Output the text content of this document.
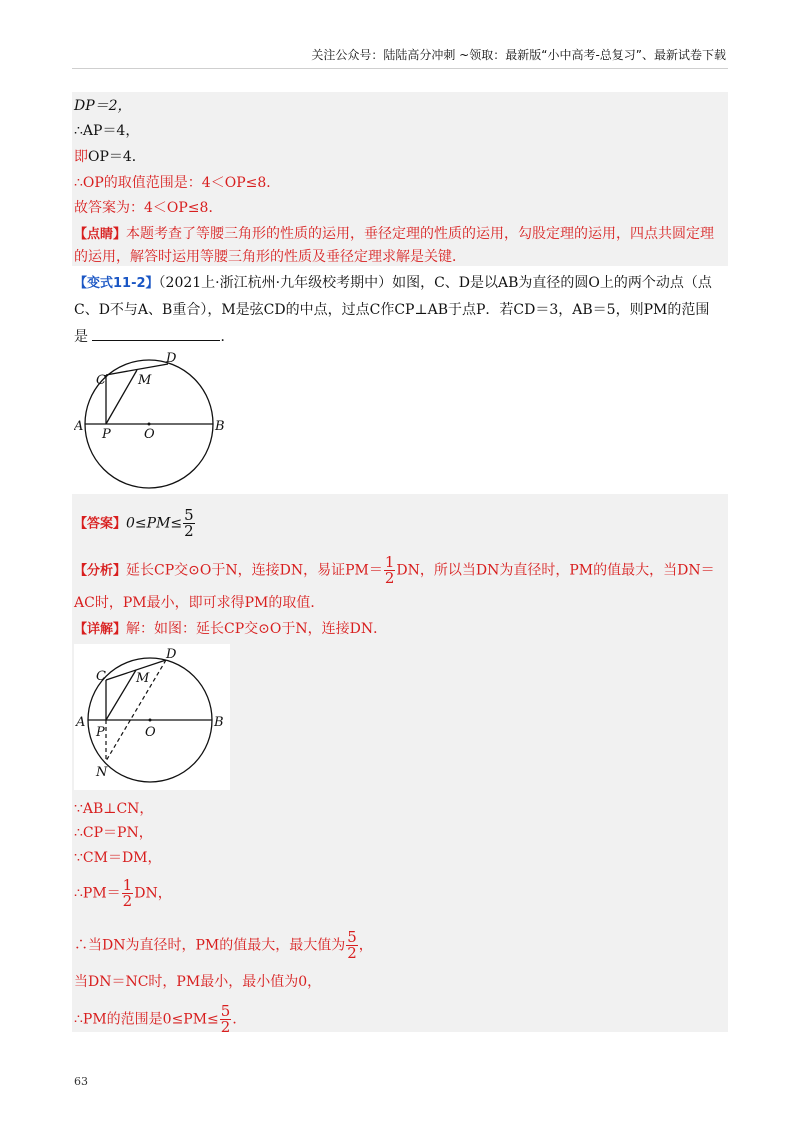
关注公众号：陆陆高分冲刺 ~领取：最新版“小中高考-总复习”、最新试卷下载
DP＝2，
∴AP＝4，
即OP＝4．
∴OP的取值范围是：4＜OP≤8．
故答案为：4＜OP≤8．
【点睛】本题考查了等腰三角形的性质的运用，垂径定理的性质的运用，勾股定理的运用，四点共圆定理
的运用，解答时运用等腰三角形的性质及垂径定理求解是关键．
【变式11-2】（2021上·浙江杭州·九年级校考期中）如图，C、D是以AB为直径的圆O上的两个动点（点
C、D不与A、B重合），M是弦CD的中点，过点C作CP⊥AB于点P．若CD＝3，AB＝5，则PM的范围
是	．
A	B
C
D
M
P	O
【答案】$0\le PM\le \frac{5}{2}$
【分析】延长CP交⊙O于N，连接DN，易证$PM= \frac{1}{2}$ DN，所以当DN为直径时，PM的值最大，当DN＝
AC时，PM最小，即可求得PM的取值．
【详解】解：如图：延长CP交⊙O于N，连接DN．
A	B
C
D
M
P	O
N
∵AB⊥CN，
∴CP＝PN，
∵CM＝DM，
∴PM＝ $\frac{1}{2}$ DN，
∴当DN为直径时，PM的值最大，最大值为 $\frac{5}{2}$ ，
当DN＝NC时，PM最小，最小值为0，
∴PM的范围是$0\le PM\le \frac{5}{2}$ ．
63
